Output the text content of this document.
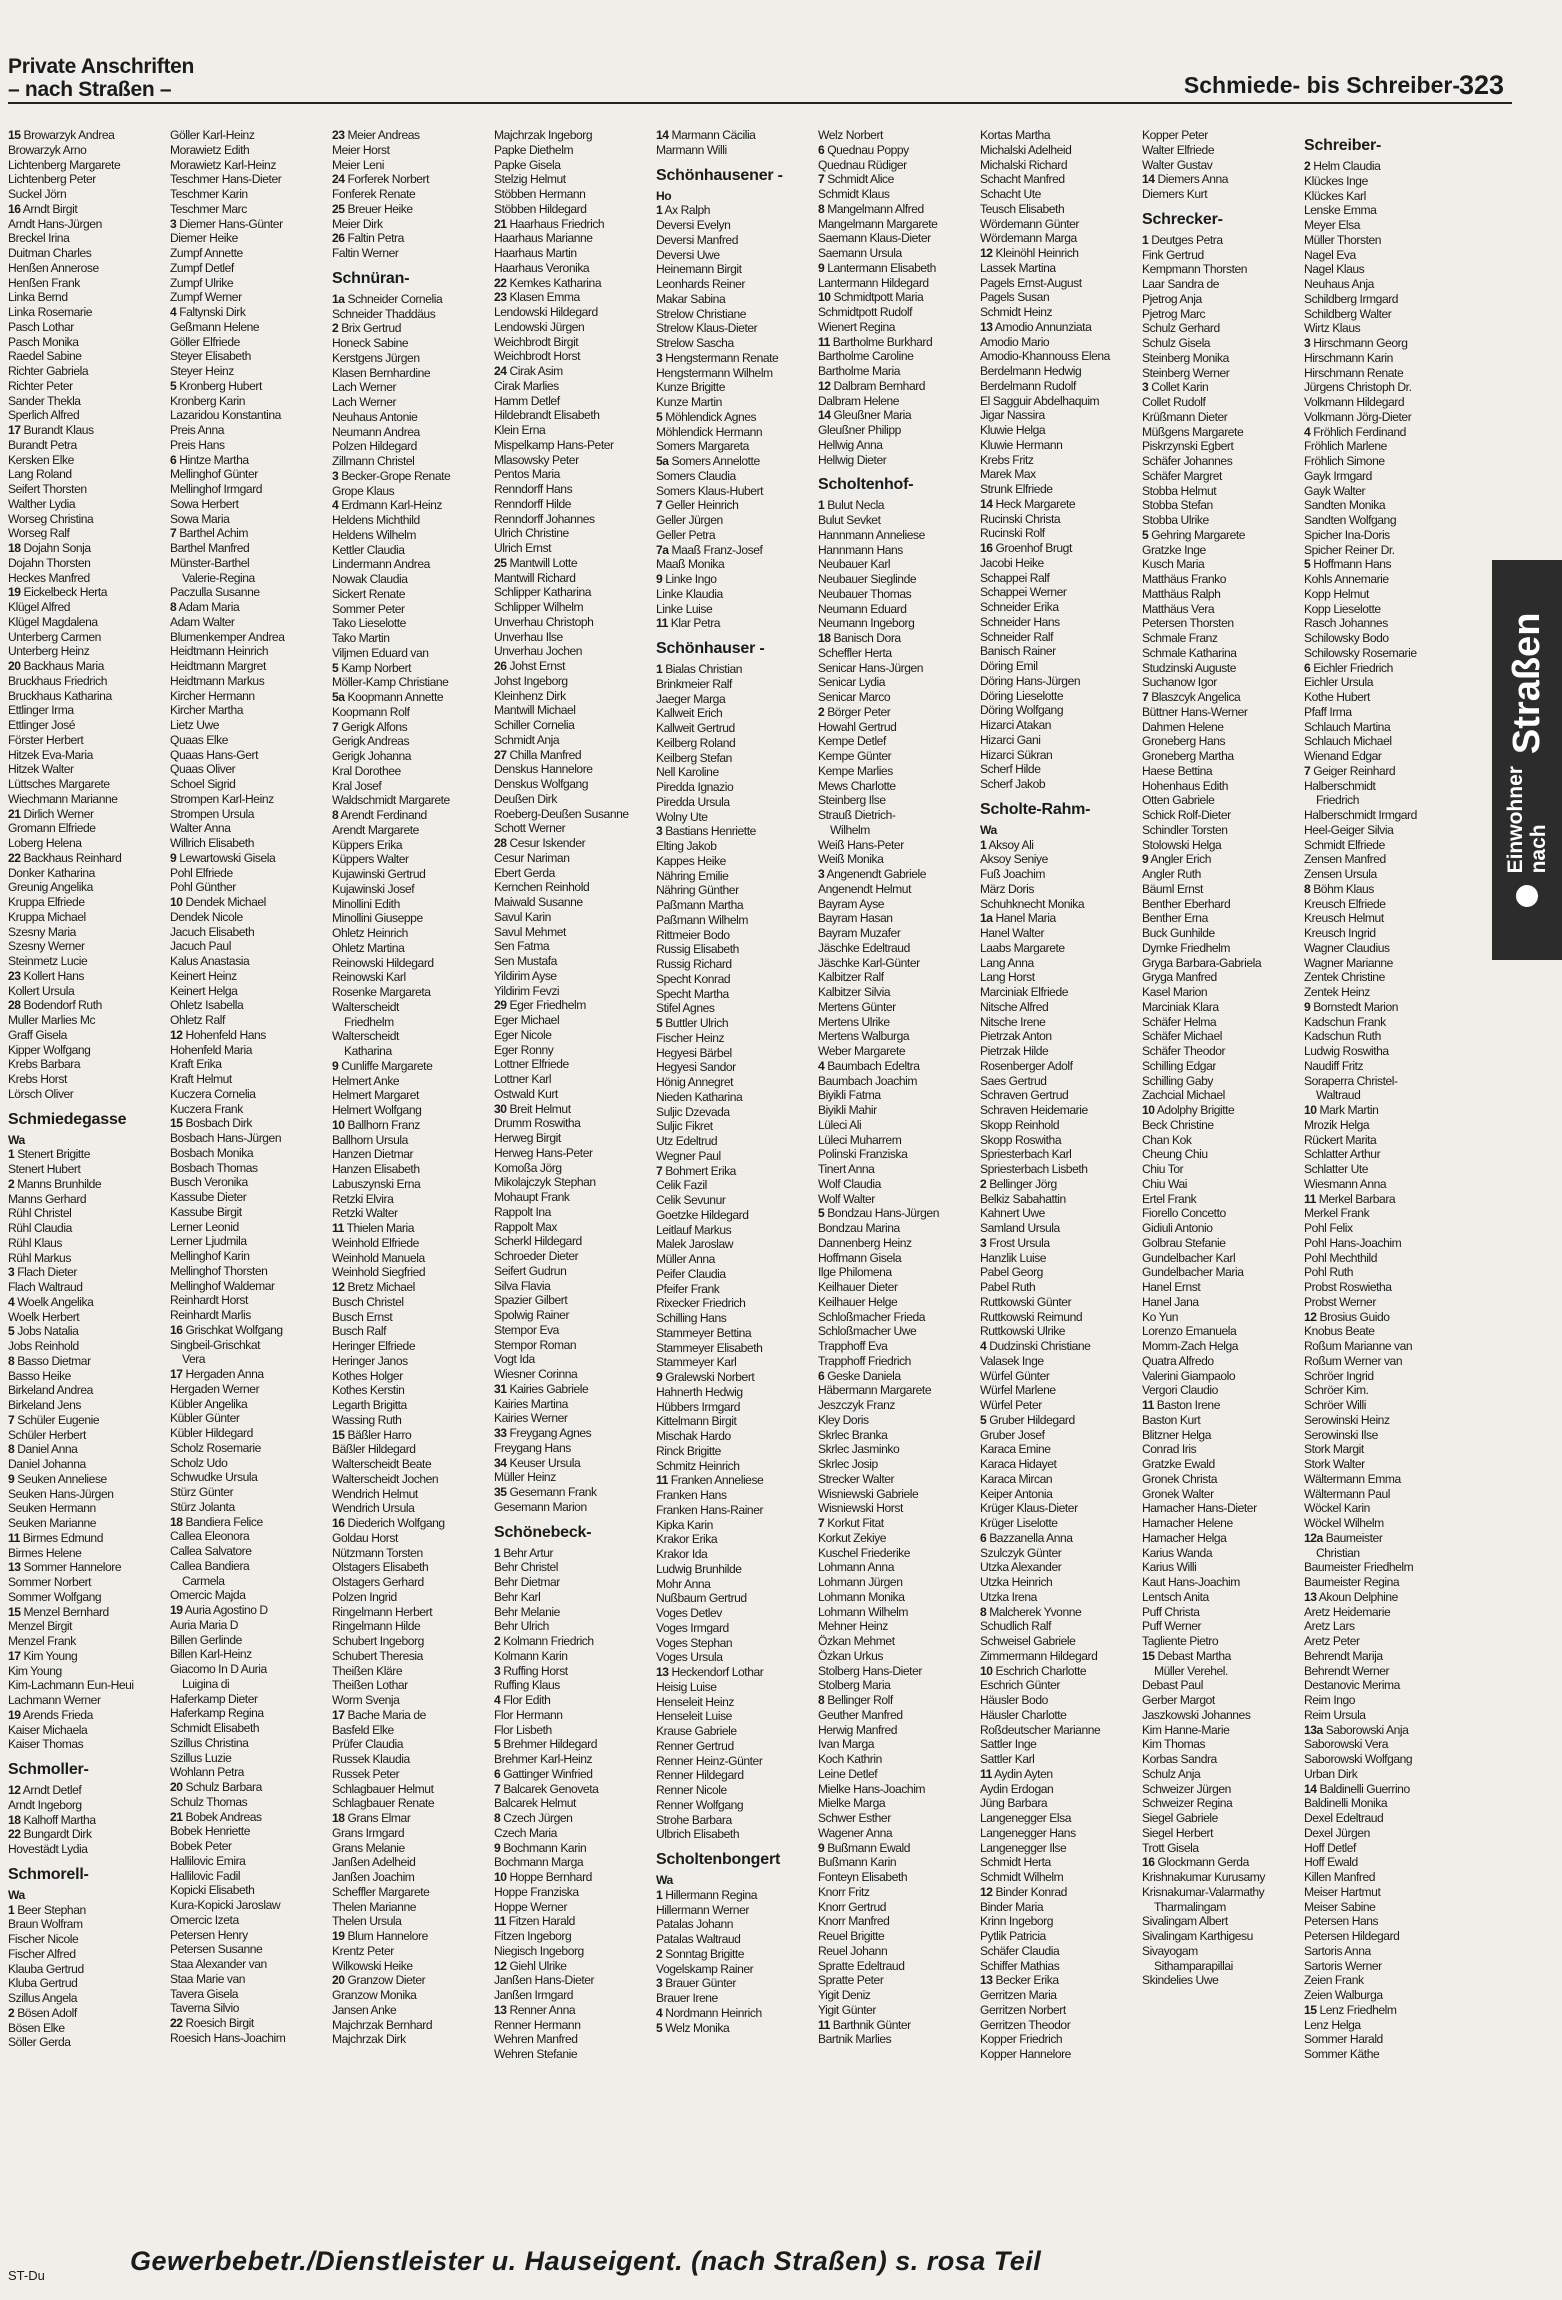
Private Anschriften
– nach Straßen –	Schmiede- bis Schreiber-
323
15 Browarzyk Andrea
Browarzyk Arno
Lichtenberg Margarete
Lichtenberg Peter
Suckel Jörn
16 Arndt Birgit
Arndt Hans-Jürgen
Breckel Irina
Duitman Charles
Henßen Annerose
Henßen Frank
Linka Bernd
Linka Rosemarie
Pasch Lothar
Pasch Monika
Raedel Sabine
Richter Gabriela
Richter Peter
Sander Thekla
Sperlich Alfred
17 Burandt Klaus
Burandt Petra
Kersken Elke
Lang Roland
Seifert Thorsten
Walther Lydia
Worseg Christina
Worseg Ralf
18 Dojahn Sonja
Dojahn Thorsten
Heckes Manfred
19 Eickelbeck Herta
Klügel Alfred
Klügel Magdalena
Unterberg Carmen
Unterberg Heinz
20 Backhaus Maria
Bruckhaus Friedrich
Bruckhaus Katharina
Ettlinger Irma
Ettlinger José
Förster Herbert
Hitzek Eva-Maria
Hitzek Walter
Lüttsches Margarete
Wiechmann Marianne
21 Dirlich Werner
Gromann Elfriede
Loberg Helena
22 Backhaus Reinhard
Donker Katharina
Greunig Angelika
Kruppa Elfriede
Kruppa Michael
Szesny Maria
Szesny Werner
Steinmetz Lucie
23 Kollert Hans
Kollert Ursula
28 Bodendorf Ruth
Muller Marlies Mc
Graff Gisela
Kipper Wolfgang
Krebs Barbara
Krebs Horst
Lörsch Oliver
Schmiedegasse
Wa
1 Stenert Brigitte
Stenert Hubert
2 Manns Brunhilde
Manns Gerhard
Rühl Christel
Rühl Claudia
Rühl Klaus
Rühl Markus
3 Flach Dieter
Flach Waltraud
4 Woelk Angelika
Woelk Herbert
5 Jobs Natalia
Jobs Reinhold
8 Basso Dietmar
Basso Heike
Birkeland Andrea
Birkeland Jens
7 Schüler Eugenie
Schüler Herbert
8 Daniel Anna
Daniel Johanna
9 Seuken Anneliese
Seuken Hans-Jürgen
Seuken Hermann
Seuken Marianne
11 Birmes Edmund
Birmes Helene
13 Sommer Hannelore
Sommer Norbert
Sommer Wolfgang
15 Menzel Bernhard
Menzel Birgit
Menzel Frank
17 Kim Young
Kim Young
Kim-Lachmann Eun-Heui
Lachmann Werner
19 Arends Frieda
Kaiser Michaela
Kaiser Thomas
Schmoller-
12 Arndt Detlef
Arndt Ingeborg
18 Kalhoff Martha
22 Bungardt Dirk
Hovestädt Lydia
Schmorell-
Wa
1 Beer Stephan
Braun Wolfram
Fischer Nicole
Fischer Alfred
Klauba Gertrud
Kluba Gertrud
Szillus Angela
2 Bösen Adolf
Bösen Elke
Söller Gerda
Göller Karl-Heinz
Morawietz Edith
Morawietz Karl-Heinz
Teschmer Hans-Dieter
Teschmer Karin
Teschmer Marc
3 Diemer Hans-Günter
Diemer Heike
Zumpf Annette
Zumpf Detlef
Zumpf Ulrike
Zumpf Werner
4 Faltynski Dirk
Geßmann Helene
Göller Elfriede
Steyer Elisabeth
Steyer Heinz
5 Kronberg Hubert
Kronberg Karin
Lazaridou Konstantina
Preis Anna
Preis Hans
6 Hintze Martha
Mellinghof Günter
Mellinghof Irmgard
Sowa Herbert
Sowa Maria
7 Barthel Achim
Barthel Manfred
Münster-Barthel
Valerie-Regina
Paczulla Susanne
8 Adam Maria
Adam Walter
Blumenkemper Andrea
Heidtmann Heinrich
Heidtmann Margret
Heidtmann Markus
Kircher Hermann
Kircher Martha
Lietz Uwe
Quaas Elke
Quaas Hans-Gert
Quaas Oliver
Schoel Sigrid
Strompen Karl-Heinz
Strompen Ursula
Walter Anna
Willrich Elisabeth
9 Lewartowski Gisela
Pohl Elfriede
Pohl Günther
10 Dendek Michael
Dendek Nicole
Jacuch Elisabeth
Jacuch Paul
Kalus Anastasia
Keinert Heinz
Keinert Helga
Ohletz Isabella
Ohletz Ralf
12 Hohenfeld Hans
Hohenfeld Maria
Kraft Erika
Kraft Helmut
Kuczera Cornelia
Kuczera Frank
15 Bosbach Dirk
Bosbach Hans-Jürgen
Bosbach Monika
Bosbach Thomas
Busch Veronika
Kassube Dieter
Kassube Birgit
Lerner Leonid
Lerner Ljudmila
Mellinghof Karin
Mellinghof Thorsten
Mellinghof Waldemar
Reinhardt Horst
Reinhardt Marlis
16 Grischkat Wolfgang
Singbeil-Grischkat
Vera
17 Hergaden Anna
Hergaden Werner
Kübler Angelika
Kübler Günter
Kübler Hildegard
Scholz Rosemarie
Scholz Udo
Schwudke Ursula
Stürz Günter
Stürz Jolanta
18 Bandiera Felice
Callea Eleonora
Callea Salvatore
Callea Bandiera
Carmela
Omercic Majda
19 Auria Agostino D
Auria Maria D
Billen Gerlinde
Billen Karl-Heinz
Giacomo In D Auria
Luigina di
Haferkamp Dieter
Haferkamp Regina
Schmidt Elisabeth
Szillus Christina
Szillus Luzie
Wohlann Petra
20 Schulz Barbara
Schulz Thomas
21 Bobek Andreas
Bobek Henriette
Bobek Peter
Hallilovic Emira
Hallilovic Fadil
Kopicki Elisabeth
Kura-Kopicki Jaroslaw
Omercic Izeta
Petersen Henry
Petersen Susanne
Staa Alexander van
Staa Marie van
Tavera Gisela
Taverna Silvio
22 Roesich Birgit
Roesich Hans-Joachim
23 Meier Andreas
Meier Horst
Meier Leni
24 Forferek Norbert
Fonferek Renate
25 Breuer Heike
Meier Dirk
26 Faltin Petra
Faltin Werner
Schnüran-
1a Schneider Cornelia
Schneider Thaddäus
2 Brix Gertrud
Honeck Sabine
Kerstgens Jürgen
Klasen Bernhardine
Lach Werner
Lach Werner
Neuhaus Antonie
Neumann Andrea
Polzen Hildegard
Zillmann Christel
3 Becker-Grope Renate
Grope Klaus
4 Erdmann Karl-Heinz
Heldens Michthild
Heldens Wilhelm
Kettler Claudia
Lindermann Andrea
Nowak Claudia
Sickert Renate
Sommer Peter
Tako Lieselotte
Tako Martin
Viljmen Eduard van
5 Kamp Norbert
Möller-Kamp Christiane
5a Koopmann Annette
Koopmann Rolf
7 Gerigk Alfons
Gerigk Andreas
Gerigk Johanna
Kral Dorothee
Kral Josef
Waldschmidt Margarete
8 Arendt Ferdinand
Arendt Margarete
Küppers Erika
Küppers Walter
Kujawinski Gertrud
Kujawinski Josef
Minollini Edith
Minollini Giuseppe
Ohletz Heinrich
Ohletz Martina
Reinowski Hildegard
Reinowski Karl
Rosenke Margareta
Walterscheidt
Friedhelm
Walterscheidt
Katharina
9 Cunliffe Margarete
Helmert Anke
Helmert Margaret
Helmert Wolfgang
10 Ballhorn Franz
Ballhorn Ursula
Hanzen Dietmar
Hanzen Elisabeth
Labuszynski Erna
Retzki Elvira
Retzki Walter
11 Thielen Maria
Weinhold Elfriede
Weinhold Manuela
Weinhold Siegfried
12 Bretz Michael
Busch Christel
Busch Ernst
Busch Ralf
Heringer Elfriede
Heringer Janos
Kothes Holger
Kothes Kerstin
Legarth Brigitta
Wassing Ruth
15 Bäßler Harro
Bäßler Hildegard
Walterscheidt Beate
Walterscheidt Jochen
Wendrich Helmut
Wendrich Ursula
16 Diederich Wolfgang
Goldau Horst
Nützmann Torsten
Olstagers Elisabeth
Olstagers Gerhard
Polzen Ingrid
Ringelmann Herbert
Ringelmann Hilde
Schubert Ingeborg
Schubert Theresia
Theißen Kläre
Theißen Lothar
Worm Svenja
17 Bache Maria de
Basfeld Elke
Prüfer Claudia
Russek Klaudia
Russek Peter
Schlagbauer Helmut
Schlagbauer Renate
18 Grans Elmar
Grans Irmgard
Grans Melanie
Janßen Adelheid
Janßen Joachim
Scheffler Margarete
Thelen Marianne
Thelen Ursula
19 Blum Hannelore
Krentz Peter
Wilkowski Heike
20 Granzow Dieter
Granzow Monika
Jansen Anke
Majchrzak Bernhard
Majchrzak Dirk
Majchrzak Ingeborg
Papke Diethelm
Papke Gisela
Stelzig Helmut
Stöbben Hermann
Stöbben Hildegard
21 Haarhaus Friedrich
Haarhaus Marianne
Haarhaus Martin
Haarhaus Veronika
22 Kemkes Katharina
23 Klasen Emma
Lendowski Hildegard
Lendowski Jürgen
Weichbrodt Birgit
Weichbrodt Horst
24 Cirak Asim
Cirak Marlies
Hamm Detlef
Hildebrandt Elisabeth
Klein Erna
Mispelkamp Hans-Peter
Mlasowsky Peter
Pentos Maria
Renndorff Hans
Renndorff Hilde
Renndorff Johannes
Ulrich Christine
Ulrich Ernst
25 Mantwill Lotte
Mantwill Richard
Schlipper Katharina
Schlipper Wilhelm
Unverhau Christoph
Unverhau Ilse
Unverhau Jochen
26 Johst Ernst
Johst Ingeborg
Kleinhenz Dirk
Mantwill Michael
Schiller Cornelia
Schmidt Anja
27 Chilla Manfred
Denskus Hannelore
Denskus Wolfgang
Deußen Dirk
Roeberg-Deußen Susanne
Schott Werner
28 Cesur Iskender
Cesur Nariman
Ebert Gerda
Kernchen Reinhold
Maiwald Susanne
Savul Karin
Savul Mehmet
Sen Fatma
Sen Mustafa
Yildirim Ayse
Yildirim Fevzi
29 Eger Friedhelm
Eger Michael
Eger Nicole
Eger Ronny
Lottner Elfriede
Lottner Karl
Ostwald Kurt
30 Breit Helmut
Drumm Roswitha
Herweg Birgit
Herweg Hans-Peter
Komoßa Jörg
Mikolajczyk Stephan
Mohaupt Frank
Rappolt Ina
Rappolt Max
Scherkl Hildegard
Schroeder Dieter
Seifert Gudrun
Silva Flavia
Spazier Gilbert
Spolwig Rainer
Stempor Eva
Stempor Roman
Vogt Ida
Wiesner Corinna
31 Kairies Gabriele
Kairies Martina
Kairies Werner
33 Freygang Agnes
Freygang Hans
34 Keuser Ursula
Müller Heinz
35 Gesemann Frank
Gesemann Marion
Schönebeck-
1 Behr Artur
Behr Christel
Behr Dietmar
Behr Karl
Behr Melanie
Behr Ulrich
2 Kolmann Friedrich
Kolmann Karin
3 Ruffing Horst
Ruffing Klaus
4 Flor Edith
Flor Hermann
Flor Lisbeth
5 Brehmer Hildegard
Brehmer Karl-Heinz
6 Gattinger Winfried
7 Balcarek Genoveta
Balcarek Helmut
8 Czech Jürgen
Czech Maria
9 Bochmann Karin
Bochmann Marga
10 Hoppe Bernhard
Hoppe Franziska
Hoppe Werner
11 Fitzen Harald
Fitzen Ingeborg
Niegisch Ingeborg
12 Giehl Ulrike
Janßen Hans-Dieter
Janßen Irmgard
13 Renner Anna
Renner Hermann
Wehren Manfred
Wehren Stefanie
14 Marmann Cäcilia
Marmann Willi
Schönhausener -
Ho
1 Ax Ralph
Deversi Evelyn
Deversi Manfred
Deversi Uwe
Heinemann Birgit
Leonhards Reiner
Makar Sabina
Strelow Christiane
Strelow Klaus-Dieter
Strelow Sascha
3 Hengstermann Renate
Hengstermann Wilhelm
Kunze Brigitte
Kunze Martin
5 Möhlendick Agnes
Möhlendick Hermann
Somers Margareta
5a Somers Annelotte
Somers Claudia
Somers Klaus-Hubert
7 Geller Heinrich
Geller Jürgen
Geller Petra
7a Maaß Franz-Josef
Maaß Monika
9 Linke Ingo
Linke Klaudia
Linke Luise
11 Klar Petra
Schönhauser -
1 Bialas Christian
Brinkmeier Ralf
Jaeger Marga
Kallweit Erich
Kallweit Gertrud
Keilberg Roland
Keilberg Stefan
Nell Karoline
Piredda Ignazio
Piredda Ursula
Wolny Ute
3 Bastians Henriette
Elting Jakob
Kappes Heike
Nähring Emilie
Nähring Günther
Paßmann Martha
Paßmann Wilhelm
Rittmeier Bodo
Russig Elisabeth
Russig Richard
Specht Konrad
Specht Martha
Stifel Agnes
5 Buttler Ulrich
Fischer Heinz
Hegyesi Bärbel
Hegyesi Sandor
Hönig Annegret
Nieden Katharina
Suljic Dzevada
Suljic Fikret
Utz Edeltrud
Wegner Paul
7 Bohmert Erika
Celik Fazil
Celik Sevunur
Goetzke Hildegard
Leitlauf Markus
Malek Jaroslaw
Müller Anna
Peifer Claudia
Pfeifer Frank
Rixecker Friedrich
Schilling Hans
Stammeyer Bettina
Stammeyer Elisabeth
Stammeyer Karl
9 Gralewski Norbert
Hahnerth Hedwig
Hübbers Irmgard
Kittelmann Birgit
Mischak Hardo
Rinck Brigitte
Schmitz Heinrich
11 Franken Anneliese
Franken Hans
Franken Hans-Rainer
Kipka Karin
Krakor Erika
Krakor Ida
Ludwig Brunhilde
Mohr Anna
Nußbaum Gertrud
Voges Detlev
Voges Irmgard
Voges Stephan
Voges Ursula
13 Heckendorf Lothar
Heisig Luise
Henseleit Heinz
Henseleit Luise
Krause Gabriele
Renner Gertrud
Renner Heinz-Günter
Renner Hildegard
Renner Nicole
Renner Wolfgang
Strohe Barbara
Ulbrich Elisabeth
Scholtenbongert
Wa
1 Hillermann Regina
Hillermann Werner
Patalas Johann
Patalas Waltraud
2 Sonntag Brigitte
Vogelskamp Rainer
3 Brauer Günter
Brauer Irene
4 Nordmann Heinrich
5 Welz Monika
Welz Norbert
6 Quednau Poppy
Quednau Rüdiger
7 Schmidt Alice
Schmidt Klaus
8 Mangelmann Alfred
Mangelmann Margarete
Saemann Klaus-Dieter
Saemann Ursula
9 Lantermann Elisabeth
Lantermann Hildegard
10 Schmidtpott Maria
Schmidtpott Rudolf
Wienert Regina
11 Bartholme Burkhard
Bartholme Caroline
Bartholme Maria
12 Dalbram Bernhard
Dalbram Helene
14 Gleußner Maria
Gleußner Philipp
Hellwig Anna
Hellwig Dieter
Scholtenhof-
1 Bulut Necla
Bulut Sevket
Hannmann Anneliese
Hannmann Hans
Neubauer Karl
Neubauer Sieglinde
Neubauer Thomas
Neumann Eduard
Neumann Ingeborg
18 Banisch Dora
Scheffler Herta
Senicar Hans-Jürgen
Senicar Lydia
Senicar Marco
2 Börger Peter
Howahl Gertrud
Kempe Detlef
Kempe Günter
Kempe Marlies
Mews Charlotte
Steinberg Ilse
Strauß Dietrich-
Wilhelm
Weiß Hans-Peter
Weiß Monika
3 Angenendt Gabriele
Angenendt Helmut
Bayram Ayse
Bayram Hasan
Bayram Muzafer
Jäschke Edeltraud
Jäschke Karl-Günter
Kalbitzer Ralf
Kalbitzer Silvia
Mertens Günter
Mertens Ulrike
Mertens Walburga
Weber Margarete
4 Baumbach Edeltra
Baumbach Joachim
Biyikli Fatma
Biyikli Mahir
Lüleci Ali
Lüleci Muharrem
Polinski Franziska
Tinert Anna
Wolf Claudia
Wolf Walter
5 Bondzau Hans-Jürgen
Bondzau Marina
Dannenberg Heinz
Hoffmann Gisela
Ilge Philomena
Keilhauer Dieter
Keilhauer Helge
Schloßmacher Frieda
Schloßmacher Uwe
Trapphoff Eva
Trapphoff Friedrich
6 Geske Daniela
Häbermann Margarete
Jeszczyk Franz
Kley Doris
Skrlec Branka
Skrlec Jasminko
Skrlec Josip
Strecker Walter
Wisniewski Gabriele
Wisniewski Horst
7 Korkut Fitat
Korkut Zekiye
Kuschel Friederike
Lohmann Anna
Lohmann Jürgen
Lohmann Monika
Lohmann Wilhelm
Mehner Heinz
Özkan Mehmet
Özkan Urkus
Stolberg Hans-Dieter
Stolberg Maria
8 Bellinger Rolf
Geuther Manfred
Herwig Manfred
Ivan Marga
Koch Kathrin
Leine Detlef
Mielke Hans-Joachim
Mielke Marga
Schwer Esther
Wagener Anna
9 Bußmann Ewald
Bußmann Karin
Fonteyn Elisabeth
Knorr Fritz
Knorr Gertrud
Knorr Manfred
Reuel Brigitte
Reuel Johann
Spratte Edeltraud
Spratte Peter
Yigit Deniz
Yigit Günter
11 Barthnik Günter
Bartnik Marlies
Kortas Martha
Michalski Adelheid
Michalski Richard
Schacht Manfred
Schacht Ute
Teusch Elisabeth
Wördemann Günter
Wördemann Marga
12 Kleinöhl Heinrich
Lassek Martina
Pagels Ernst-August
Pagels Susan
Schmidt Heinz
13 Amodio Annunziata
Amodio Mario
Amodio-Khannouss Elena
Berdelmann Hedwig
Berdelmann Rudolf
El Sagguir Abdelhaquim
Jigar Nassira
Kluwie Helga
Kluwie Hermann
Krebs Fritz
Marek Max
Strunk Elfriede
14 Heck Margarete
Rucinski Christa
Rucinski Rolf
16 Groenhof Brugt
Jacobi Heike
Schappei Ralf
Schappei Werner
Schneider Erika
Schneider Hans
Schneider Ralf
Banisch Rainer
Döring Emil
Döring Hans-Jürgen
Döring Lieselotte
Döring Wolfgang
Hizarci Atakan
Hizarci Gani
Hizarci Sükran
Scherf Hilde
Scherf Jakob
Scholte-Rahm-
Wa
1 Aksoy Ali
Aksoy Seniye
Fuß Joachim
März Doris
Schuhknecht Monika
1a Hanel Maria
Hanel Walter
Laabs Margarete
Lang Anna
Lang Horst
Marciniak Elfriede
Nitsche Alfred
Nitsche Irene
Pietrzak Anton
Pietrzak Hilde
Rosenberger Adolf
Saes Gertrud
Schraven Gertrud
Schraven Heidemarie
Skopp Reinhold
Skopp Roswitha
Spriesterbach Karl
Spriesterbach Lisbeth
2 Bellinger Jörg
Belkiz Sabahattin
Kahnert Uwe
Samland Ursula
3 Frost Ursula
Hanzlik Luise
Pabel Georg
Pabel Ruth
Ruttkowski Günter
Ruttkowski Reimund
Ruttkowski Ulrike
4 Dudzinski Christiane
Valasek Inge
Würfel Günter
Würfel Marlene
Würfel Peter
5 Gruber Hildegard
Gruber Josef
Karaca Emine
Karaca Hidayet
Karaca Mircan
Keiper Antonia
Krüger Klaus-Dieter
Krüger Liselotte
6 Bazzanella Anna
Szulczyk Günter
Utzka Alexander
Utzka Heinrich
Utzka Irena
8 Malcherek Yvonne
Schudlich Ralf
Schweisel Gabriele
Zimmermann Hildegard
10 Eschrich Charlotte
Eschrich Günter
Häusler Bodo
Häusler Charlotte
Roßdeutscher Marianne
Sattler Inge
Sattler Karl
11 Aydin Ayten
Aydin Erdogan
Jüng Barbara
Langenegger Elsa
Langenegger Hans
Langenegger Ilse
Schmidt Herta
Schmidt Wilhelm
12 Binder Konrad
Binder Maria
Krinn Ingeborg
Pytlik Patricia
Schäfer Claudia
Schiffer Mathias
13 Becker Erika
Gerritzen Maria
Gerritzen Norbert
Gerritzen Theodor
Kopper Friedrich
Kopper Hannelore
Kopper Peter
Walter Elfriede
Walter Gustav
14 Diemers Anna
Diemers Kurt
Schrecker-
1 Deutges Petra
Fink Gertrud
Kempmann Thorsten
Laar Sandra de
Pjetrog Anja
Pjetrog Marc
Schulz Gerhard
Schulz Gisela
Steinberg Monika
Steinberg Werner
3 Collet Karin
Collet Rudolf
Krüßmann Dieter
Müßgens Margarete
Piskrzynski Egbert
Schäfer Johannes
Schäfer Margret
Stobba Helmut
Stobba Stefan
Stobba Ulrike
5 Gehring Margarete
Gratzke Inge
Kusch Maria
Matthäus Franko
Matthäus Ralph
Matthäus Vera
Petersen Thorsten
Schmale Franz
Schmale Katharina
Studzinski Auguste
Suchanow Igor
7 Blaszcyk Angelica
Büttner Hans-Werner
Dahmen Helene
Groneberg Hans
Groneberg Martha
Haese Bettina
Hohenhaus Edith
Otten Gabriele
Schick Rolf-Dieter
Schindler Torsten
Stolowski Helga
9 Angler Erich
Angler Ruth
Bäuml Ernst
Benther Eberhard
Benther Erna
Buck Gunhilde
Dymke Friedhelm
Gryga Barbara-Gabriela
Gryga Manfred
Kasel Marion
Marciniak Klara
Schäfer Helma
Schäfer Michael
Schäfer Theodor
Schilling Edgar
Schilling Gaby
Zachcial Michael
10 Adolphy Brigitte
Beck Christine
Chan Kok
Cheung Chiu
Chiu Tor
Chiu Wai
Ertel Frank
Fiorello Concetto
Gidiuli Antonio
Golbrau Stefanie
Gundelbacher Karl
Gundelbacher Maria
Hanel Ernst
Hanel Jana
Ko Yun
Lorenzo Emanuela
Momm-Zach Helga
Quatra Alfredo
Valerini Giampaolo
Vergori Claudio
11 Baston Irene
Baston Kurt
Blitzner Helga
Conrad Iris
Gratzke Ewald
Gronek Christa
Gronek Walter
Hamacher Hans-Dieter
Hamacher Helene
Hamacher Helga
Karius Wanda
Karius Willi
Kaut Hans-Joachim
Lentsch Anita
Puff Christa
Puff Werner
Tagliente Pietro
15 Debast Martha
Müller Verehel.
Debast Paul
Gerber Margot
Jaszkowski Johannes
Kim Hanne-Marie
Kim Thomas
Korbas Sandra
Schulz Anja
Schweizer Jürgen
Schweizer Regina
Siegel Gabriele
Siegel Herbert
Trott Gisela
16 Glockmann Gerda
Krishnakumar Kurusamy
Krisnakumar-Valarmathy
Tharmalingam
Sivalingam Albert
Sivalingam Karthigesu
Sivayogam
Sithamparapillai
Skindelies Uwe
Schreiber-
2 Helm Claudia
Klückes Inge
Klückes Karl
Lenske Emma
Meyer Elsa
Müller Thorsten
Nagel Eva
Nagel Klaus
Neuhaus Anja
Schildberg Irmgard
Schildberg Walter
Wirtz Klaus
3 Hirschmann Georg
Hirschmann Karin
Hirschmann Renate
Jürgens Christoph Dr.
Volkmann Hildegard
Volkmann Jörg-Dieter
4 Fröhlich Ferdinand
Fröhlich Marlene
Fröhlich Simone
Gayk Irmgard
Gayk Walter
Sandten Monika
Sandten Wolfgang
Spicher Ina-Doris
Spicher Reiner Dr.
5 Hoffmann Hans
Kohls Annemarie
Kopp Helmut
Kopp Lieselotte
Rasch Johannes
Schilowsky Bodo
Schilowsky Rosemarie
6 Eichler Friedrich
Eichler Ursula
Kothe Hubert
Pfaff Irma
Schlauch Martina
Schlauch Michael
Wienand Edgar
7 Geiger Reinhard
Halberschmidt
Friedrich
Halberschmidt Irmgard
Heel-Geiger Silvia
Schmidt Elfriede
Zensen Manfred
Zensen Ursula
8 Böhm Klaus
Kreusch Elfriede
Kreusch Helmut
Kreusch Ingrid
Wagner Claudius
Wagner Marianne
Zentek Christine
Zentek Heinz
9 Bornstedt Marion
Kadschun Frank
Kadschun Ruth
Ludwig Roswitha
Naudiff Fritz
Soraperra Christel-
Waltraud
10 Mark Martin
Mrozik Helga
Rückert Marita
Schlatter Arthur
Schlatter Ute
Wiesmann Anna
11 Merkel Barbara
Merkel Frank
Pohl Felix
Pohl Hans-Joachim
Pohl Mechthild
Pohl Ruth
Probst Roswietha
Probst Werner
12 Brosius Guido
Knobus Beate
Roßum Marianne van
Roßum Werner van
Schröer Ingrid
Schröer Kim.
Schröer Willi
Serowinski Heinz
Serowinski Ilse
Stork Margit
Stork Walter
Wältermann Emma
Wältermann Paul
Wöckel Karin
Wöckel Wilhelm
12a Baumeister
Christian
Baumeister Friedhelm
Baumeister Regina
13 Akoun Delphine
Aretz Heidemarie
Aretz Lars
Aretz Peter
Behrendt Marija
Behrendt Werner
Destanovic Merima
Reim Ingo
Reim Ursula
13a Saborowski Anja
Saborowski Vera
Saborowski Wolfgang
Urban Dirk
14 Baldinelli Guerrino
Baldinelli Monika
Dexel Edeltraud
Dexel Jürgen
Hoff Detlef
Hoff Ewald
Killen Manfred
Meiser Hartmut
Meiser Sabine
Petersen Hans
Petersen Hildegard
Sartoris Anna
Sartoris Werner
Zeien Frank
Zeien Walburga
15 Lenz Friedhelm
Lenz Helga
Sommer Harald
Sommer Käthe
Einwohner nach
Straßen
Gewerbebetr./Dienstleister u. Hauseigent. (nach Straßen) s. rosa Teil
ST-Du
